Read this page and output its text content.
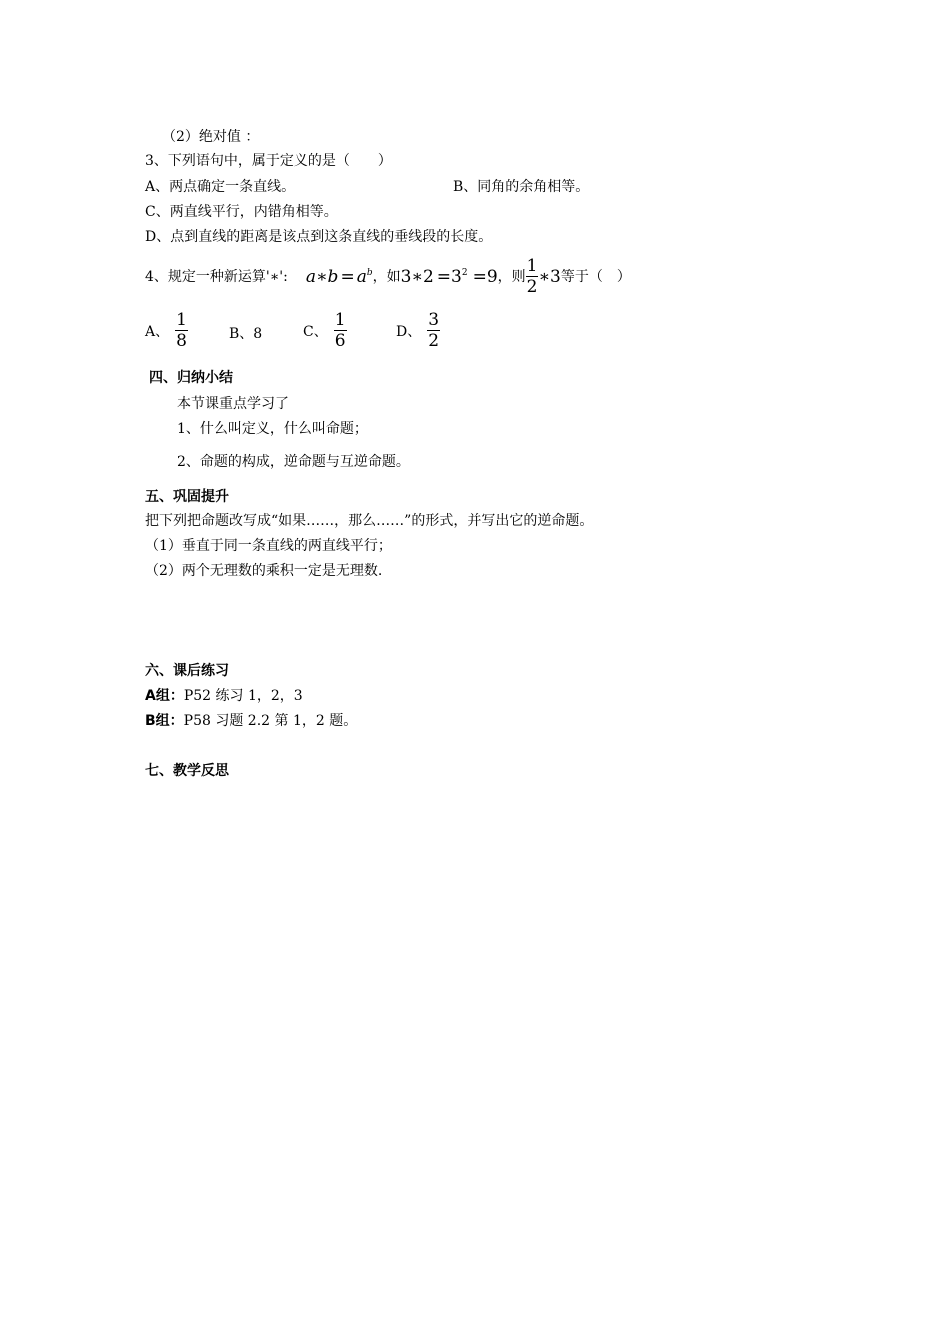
（2）绝对值 ：
3、下列语句中，属于定义的是（　　）
A、两点确定一条直线。	B、同角的余角相等。
C、两直线平行，内错角相等。
D、点到直线的距离是该点到这条直线的垂线段的长度。
4、规定一种新运算'∗': a∗b = $a^b$ ，如 3∗2 $=3^2 =9$ ，则 $\frac{1}{2}$ ∗3 等于（　）
A、 $\frac{1}{8}$	B、8	C、 $\frac{1}{6}$	D、 $\frac{3}{2}$
四、归纳小结
本节课重点学习了
1、什么叫定义，什么叫命题；
2、命题的构成，逆命题与互逆命题。
五、巩固提升
把下列把命题改写成“如果……，那么……”的形式，并写出它的逆命题。
（1）垂直于同一条直线的两直线平行；
（2）两个无理数的乘积一定是无理数.
六、课后练习
A组：P52 练习 1，2，3
B组：P58 习题 2.2 第 1，2 题。
七、教学反思
